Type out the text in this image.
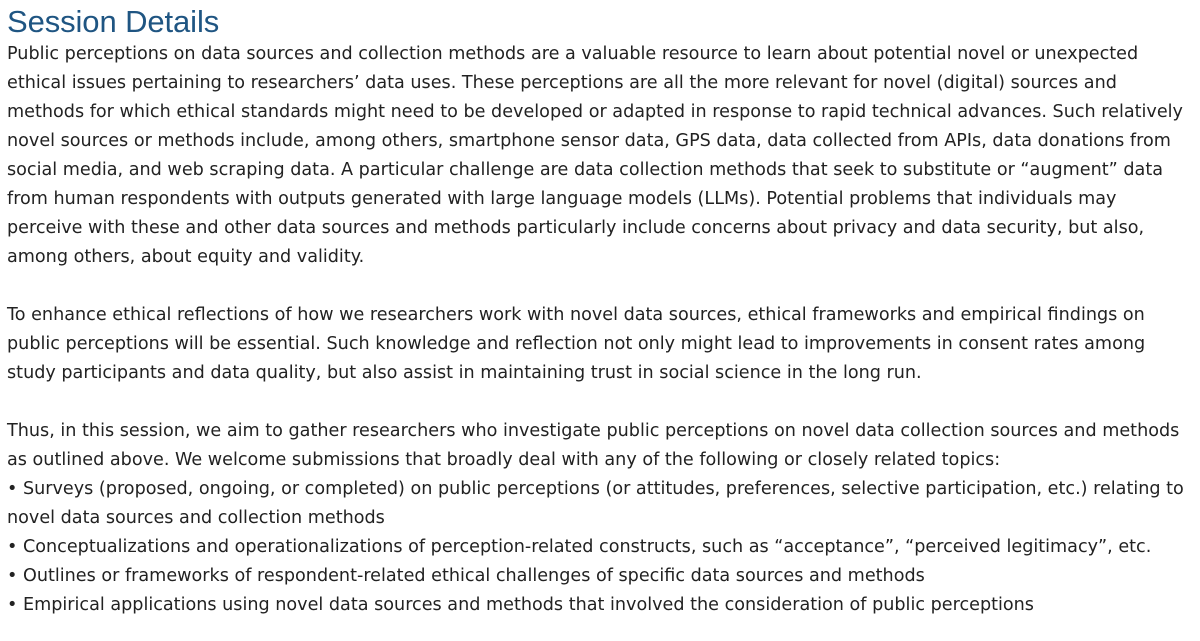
Session Details

Public perceptions on data sources and collection methods are a valuable resource to learn about potential novel or unexpected ethical issues pertaining to researchers’ data uses. These perceptions are all the more relevant for novel (digital) sources and methods for which ethical standards might need to be developed or adapted in response to rapid technical advances. Such relatively novel sources or methods include, among others, smartphone sensor data, GPS data, data collected from APIs, data donations from social media, and web scraping data. A particular challenge are data collection methods that seek to substitute or “augment” data from human respondents with outputs generated with large language models (LLMs). Potential problems that individuals may perceive with these and other data sources and methods particularly include concerns about privacy and data security, but also, among others, about equity and validity.

To enhance ethical reflections of how we researchers work with novel data sources, ethical frameworks and empirical findings on public perceptions will be essential. Such knowledge and reflection not only might lead to improvements in consent rates among study participants and data quality, but also assist in maintaining trust in social science in the long run.

Thus, in this session, we aim to gather researchers who investigate public perceptions on novel data collection sources and methods as outlined above. We welcome submissions that broadly deal with any of the following or closely related topics:

• Surveys (proposed, ongoing, or completed) on public perceptions (or attitudes, preferences, selective participation, etc.) relating to novel data sources and collection methods

• Conceptualizations and operationalizations of perception-related constructs, such as “acceptance”, “perceived legitimacy”, etc.

• Outlines or frameworks of respondent-related ethical challenges of specific data sources and methods

• Empirical applications using novel data sources and methods that involved the consideration of public perceptions
